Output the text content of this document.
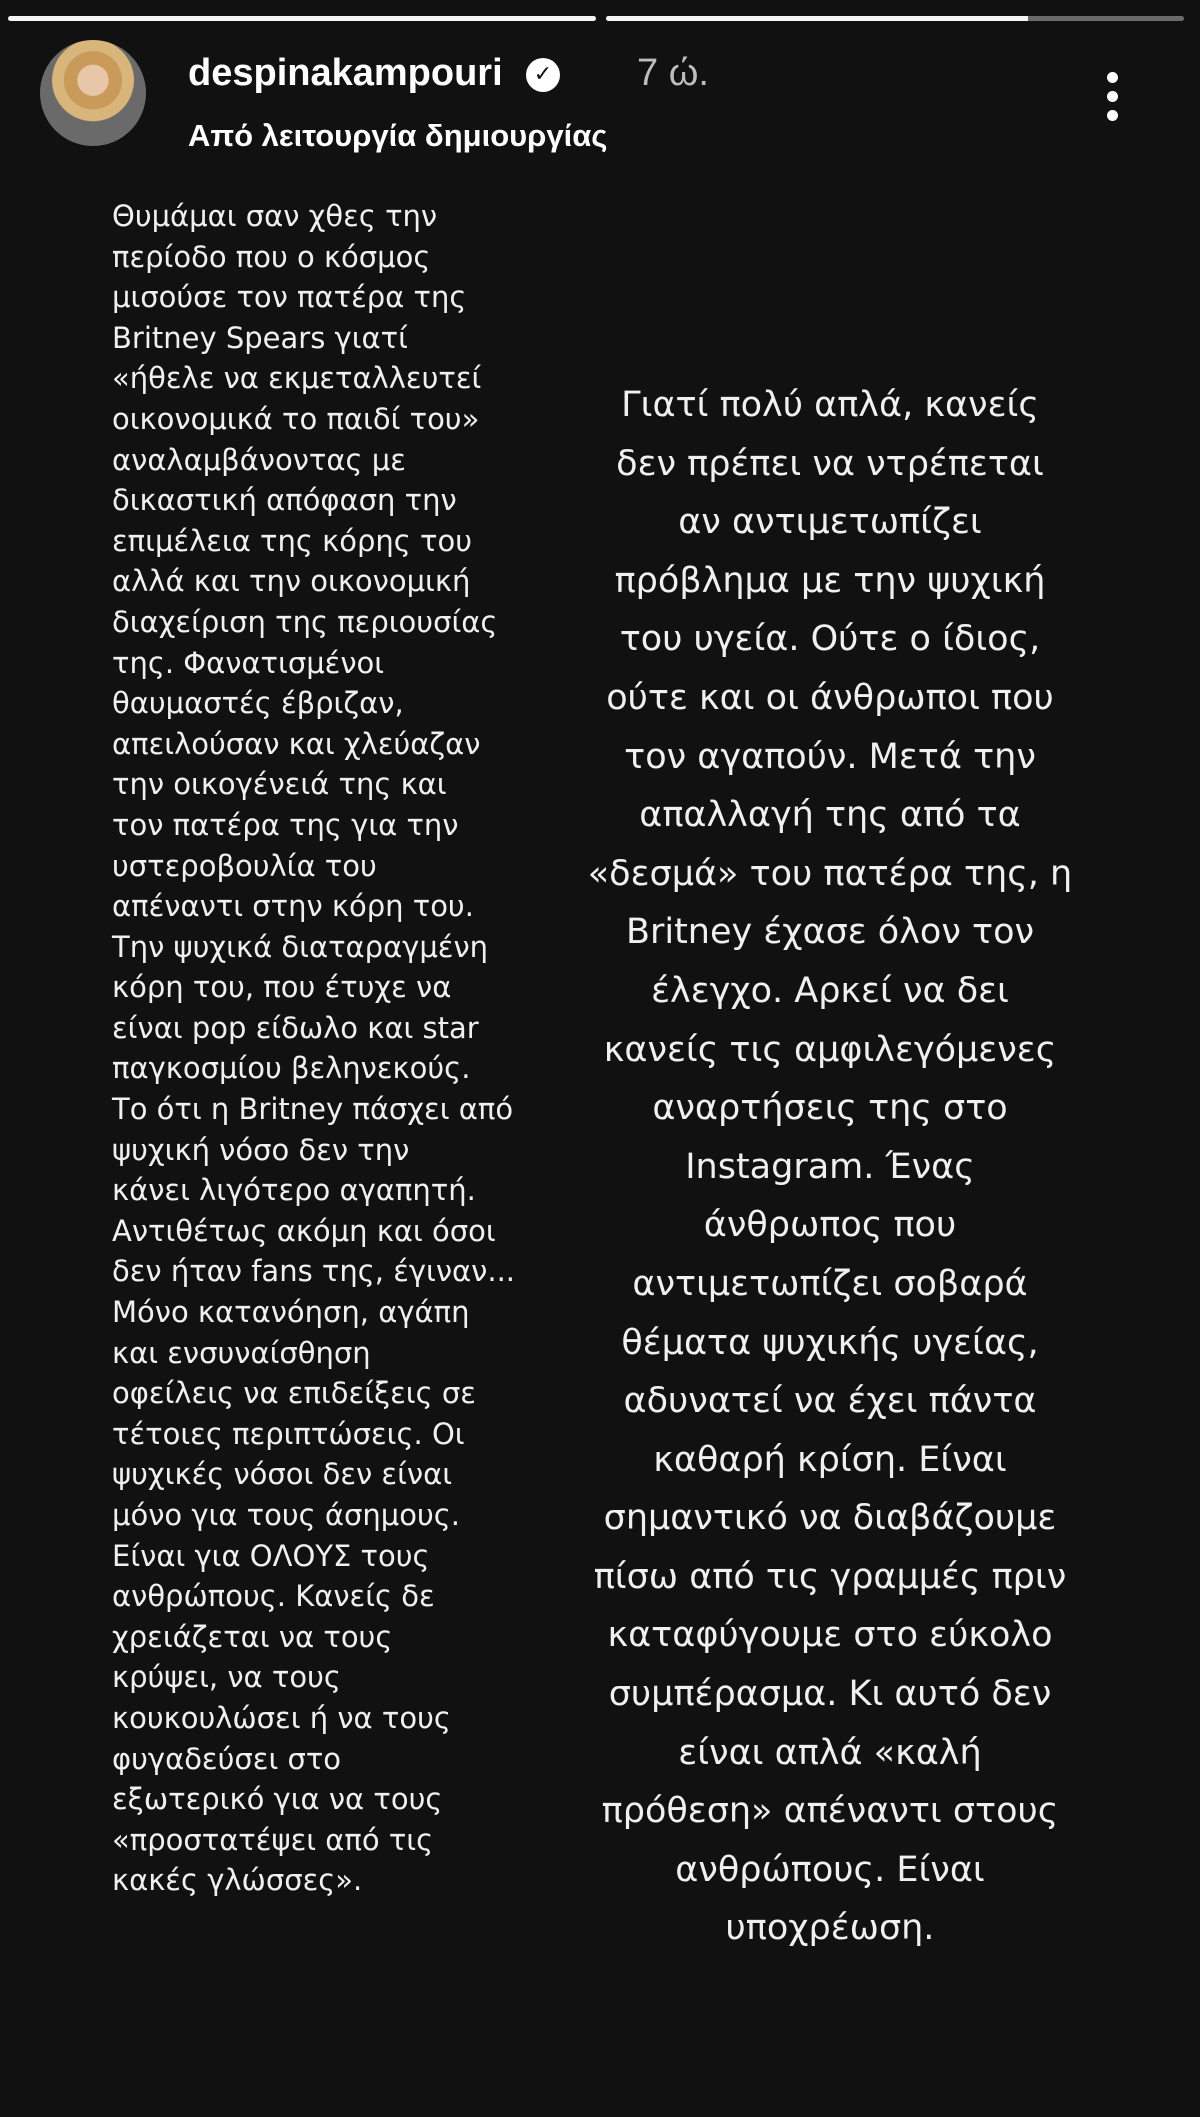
despinakampouri	✓ 7 ώ.
Από λειτουργία δημιουργίας
Θυμάμαι σαν χθες την
περίοδο που ο κόσμος
μισούσε τον πατέρα της
Britney Spears γιατί
«ήθελε να εκμεταλλευτεί
οικονομικά το παιδί του»
αναλαμβάνοντας με
δικαστική απόφαση την
επιμέλεια της κόρης του
αλλά και την οικονομική
διαχείριση της περιουσίας
της. Φανατισμένοι
θαυμαστές έβριζαν,
απειλούσαν και χλεύαζαν
την οικογένειά της και
τον πατέρα της για την
υστεροβουλία του
απέναντι στην κόρη του.
Την ψυχικά διαταραγμένη
κόρη του, που έτυχε να
είναι pop είδωλο και star
παγκοσμίου βεληνεκούς.
Το ότι η Britney πάσχει από
ψυχική νόσο δεν την
κάνει λιγότερο αγαπητή.
Αντιθέτως ακόμη και όσοι
δεν ήταν fans της, έγιναν...
Μόνο κατανόηση, αγάπη
και ενσυναίσθηση
οφείλεις να επιδείξεις σε
τέτοιες περιπτώσεις. Οι
ψυχικές νόσοι δεν είναι
μόνο για τους άσημους.
Είναι για ΟΛΟΥΣ τους
ανθρώπους. Κανείς δε
χρειάζεται να τους
κρύψει, να τους
κουκουλώσει ή να τους
φυγαδεύσει στο
εξωτερικό για να τους
«προστατέψει από τις
κακές γλώσσες».
Γιατί πολύ απλά, κανείς
δεν πρέπει να ντρέπεται
αν αντιμετωπίζει
πρόβλημα με την ψυχική
του υγεία. Ούτε ο ίδιος,
ούτε και οι άνθρωποι που
τον αγαπούν. Μετά την
απαλλαγή της από τα
«δεσμά» του πατέρα της, η
Britney έχασε όλον τον
έλεγχο. Αρκεί να δει
κανείς τις αμφιλεγόμενες
αναρτήσεις της στο
Instagram. Ένας
άνθρωπος που
αντιμετωπίζει σοβαρά
θέματα ψυχικής υγείας,
αδυνατεί να έχει πάντα
καθαρή κρίση. Είναι
σημαντικό να διαβάζουμε
πίσω από τις γραμμές πριν
καταφύγουμε στο εύκολο
συμπέρασμα. Κι αυτό δεν
είναι απλά «καλή
πρόθεση» απέναντι στους
ανθρώπους. Είναι
υποχρέωση.
